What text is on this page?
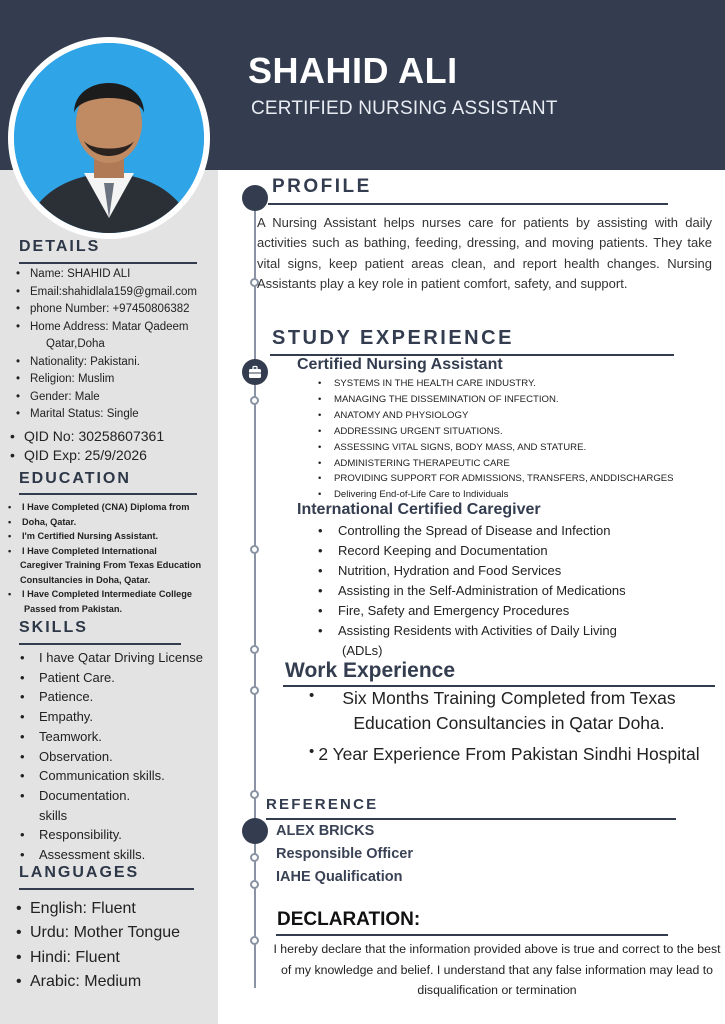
SHAHID ALI
CERTIFIED NURSING ASSISTANT
DETAILS
• Name: SHAHID ALI
• Email:shahidlala159@gmail.com
• phone Number: +97450806382
• Home Address: Matar Qadeem
Qatar,Doha
• Nationality: Pakistani.
• Religion: Muslim
• Gender: Male
• Marital Status: Single
• QID No: 30258607361
• QID Exp: 25/9/2026
EDUCATION
• I Have Completed (CNA) Diploma from
• Doha, Qatar.
• I'm Certified Nursing Assistant.
• I Have Completed International
Caregiver Training From Texas Education
Consultancies in Doha, Qatar.
• I Have Completed Intermediate College
Passed from Pakistan.
SKILLS
• I have Qatar Driving License
• Patient Care.
• Patience.
• Empathy.
• Teamwork.
• Observation.
• Communication skills.
• Documentation.
skills
• Responsibility.
• Assessment skills.
LANGUAGES
• English: Fluent
• Urdu: Mother Tongue
• Hindi: Fluent
• Arabic: Medium
PROFILE
A Nursing Assistant helps nurses care for patients by assisting with daily activities such as bathing, feeding, dressing, and moving patients. They take vital signs, keep patient areas clean, and report health changes. Nursing Assistants play a key role in patient comfort, safety, and support.
STUDY EXPERIENCE
Certified Nursing Assistant
• SYSTEMS IN THE HEALTH CARE INDUSTRY.
• MANAGING THE DISSEMINATION OF INFECTION.
• ANATOMY AND PHYSIOLOGY
• ADDRESSING URGENT SITUATIONS.
• ASSESSING VITAL SIGNS, BODY MASS, AND STATURE.
• ADMINISTERING THERAPEUTIC CARE
• PROVIDING SUPPORT FOR ADMISSIONS, TRANSFERS, ANDDISCHARGES
• Delivering End-of-Life Care to Individuals
International Certified Caregiver
• Controlling the Spread of Disease and Infection
• Record Keeping and Documentation
• Nutrition, Hydration and Food Services
• Assisting in the Self-Administration of Medications
• Fire, Safety and Emergency Procedures
• Assisting Residents with Activities of Daily Living
(ADLs)
Work Experience
• Six Months Training Completed from Texas Education Consultancies in Qatar Doha.
• 2 Year Experience From Pakistan Sindhi Hospital
REFERENCE
ALEX BRICKS
Responsible Officer
IAHE Qualification
DECLARATION:
I hereby declare that the information provided above is true and correct to the best of my knowledge and belief. I understand that any false information may lead to disqualification or termination
